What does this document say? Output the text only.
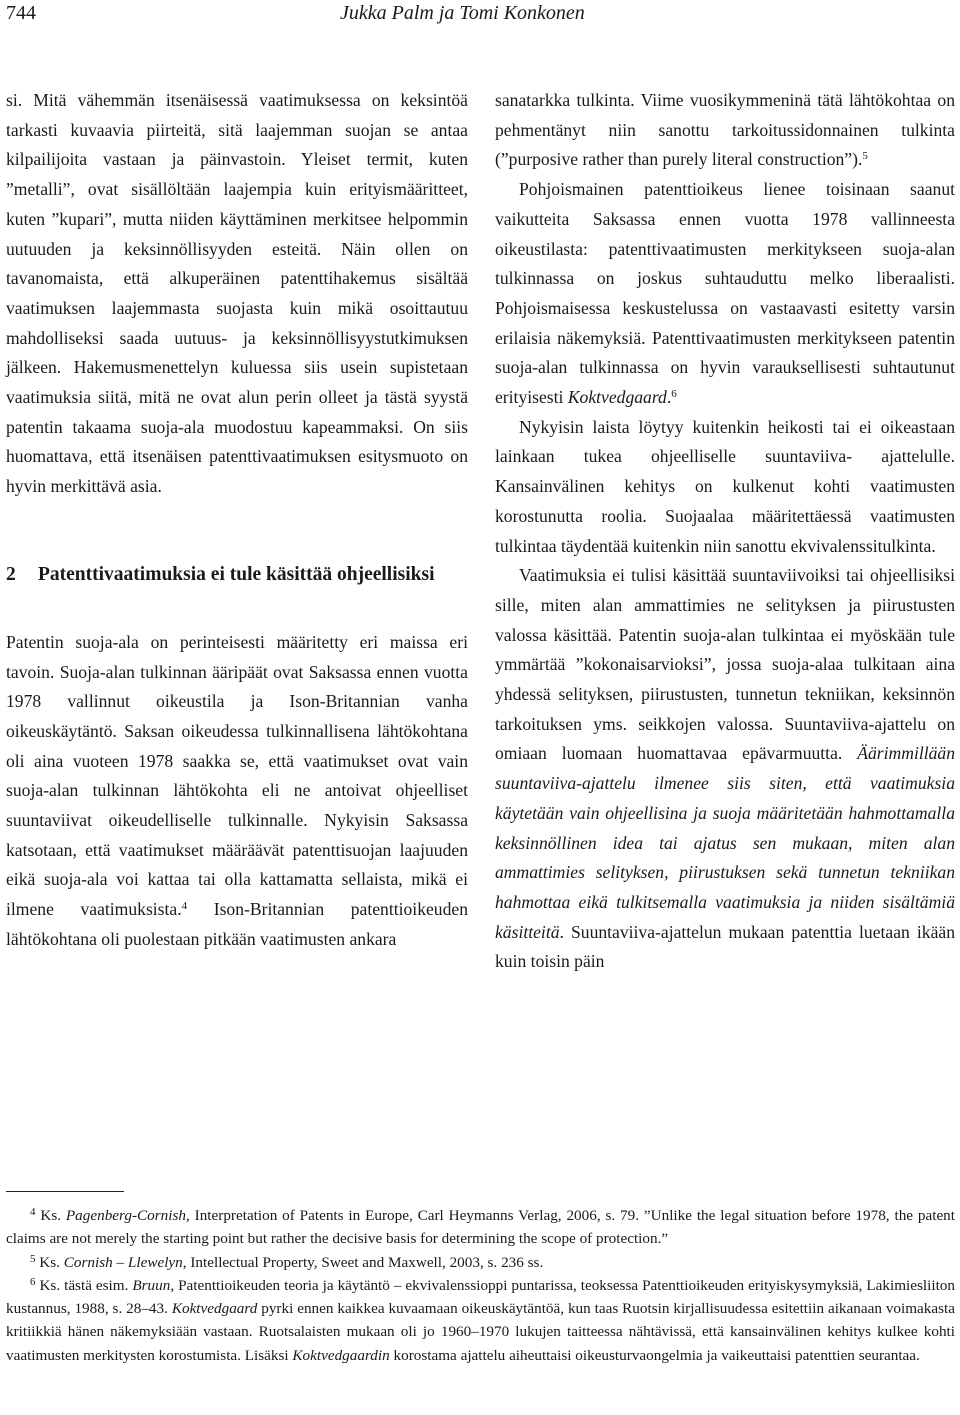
744	Jukka Palm ja Tomi Konkonen

si. Mitä vähemmän itsenäisessä vaatimuksessa on keksintöä tarkasti kuvaavia piirteitä, sitä laajemman suojan se antaa kilpailijoita vastaan ja päinvastoin. Yleiset termit, kuten ”metalli”, ovat sisällöltään laajempia kuin erityismääritteet, kuten ”kupari”, mutta niiden käyttäminen merkitsee helpommin uutuuden ja keksinnöllisyyden esteitä. Näin ollen on tavanomaista, että alkuperäinen patenttihakemus sisältää vaatimuksen laajemmasta suojasta kuin mikä osoittautuu mahdolliseksi saada uutuus- ja keksinnöllisyystutkimuksen jälkeen. Hakemusmenettelyn kuluessa siis usein supistetaan vaatimuksia siitä, mitä ne ovat alun perin olleet ja tästä syystä patentin takaama suoja-ala muodostuu kapeammaksi. On siis huomattava, että itsenäisen patenttivaatimuksen esitysmuoto on hyvin merkittävä asia.

2	Patenttivaatimuksia ei tule käsittää ohjeellisiksi

Patentin suoja-ala on perinteisesti määritetty eri maissa eri tavoin. Suoja-alan tulkinnan ääripäät ovat Saksassa ennen vuotta 1978 vallinnut oikeustila ja Ison-Britannian vanha oikeuskäytäntö. Saksan oikeudessa tulkinnallisena lähtökohtana oli aina vuoteen 1978 saakka se, että vaatimukset ovat vain suoja-alan tulkinnan lähtökohta eli ne antoivat ohjeelliset suuntaviivat oikeudelliselle tulkinnalle. Nykyisin Saksassa katsotaan, että vaatimukset määräävät patenttisuojan laajuuden eikä suoja-ala voi kattaa tai olla kattamatta sellaista, mikä ei ilmene vaatimuksista.$^4$ Ison-Britannian patenttioikeuden lähtökohtana oli puolestaan pitkään vaatimusten ankara

sanatarkka tulkinta. Viime vuosikymmeninä tätä lähtökohtaa on pehmentänyt niin sanottu tarkoitussidonnainen tulkinta (”purposive rather than purely literal construction”).$^5$

Pohjoismainen patenttioikeus lienee toisinaan saanut vaikutteita Saksassa ennen vuotta 1978 vallinneesta oikeustilasta: patenttivaatimusten merkitykseen suoja-alan tulkinnassa on joskus suhtauduttu melko liberaalisti. Pohjoismaisessa keskustelussa on vastaavasti esitetty varsin erilaisia näkemyksiä. Patenttivaatimusten merkitykseen patentin suoja-alan tulkinnassa on hyvin varauksellisesti suhtautunut erityisesti Koktvedgaard.$^6$

Nykyisin laista löytyy kuitenkin heikosti tai ei oikeastaan lainkaan tukea ohjeelliselle suuntaviiva- ajattelulle. Kansainvälinen kehitys on kulkenut kohti vaatimusten korostunutta roolia. Suojaalaa määritettäessä vaatimusten tulkintaa täydentää kuitenkin niin sanottu ekvivalenssitulkinta.

Vaatimuksia ei tulisi käsittää suuntaviivoiksi tai ohjeellisiksi sille, miten alan ammattimies ne selityksen ja piirustusten valossa käsittää. Patentin suoja-alan tulkintaa ei myöskään tule ymmärtää ”kokonaisarvioksi”, jossa suoja-alaa tulkitaan aina yhdessä selityksen, piirustusten, tunnetun tekniikan, keksinnön tarkoituksen yms. seikkojen valossa. Suuntaviiva-ajattelu on omiaan luomaan huomattavaa epävarmuutta. Äärimmillään suuntaviiva-ajattelu ilmenee siis siten, että vaatimuksia käytetään vain ohjeellisina ja suoja määritetään hahmottamalla keksinnöllinen idea tai ajatus sen mukaan, miten alan ammattimies selityksen, piirustuksen sekä tunnetun tekniikan hahmottaa eikä tulkitsemalla vaatimuksia ja niiden sisältämiä käsitteitä. Suuntaviiva-ajattelun mukaan patenttia luetaan ikään kuin toisin päin

$^4$ Ks. Pagenberg-Cornish, Interpretation of Patents in Europe, Carl Heymanns Verlag, 2006, s. 79. ”Unlike the legal situation before 1978, the patent claims are not merely the starting point but rather the decisive basis for determining the scope of protection.”

$^5$ Ks. Cornish – Llewelyn, Intellectual Property, Sweet and Maxwell, 2003, s. 236 ss.

$^6$ Ks. tästä esim. Bruun, Patenttioikeuden teoria ja käytäntö – ekvivalenssioppi puntarissa, teoksessa Patenttioikeuden erityiskysymyksiä, Lakimiesliiton kustannus, 1988, s. 28–43. Koktvedgaard pyrki ennen kaikkea kuvaamaan oikeuskäytäntöä, kun taas Ruotsin kirjallisuudessa esitettiin aikanaan voimakasta kritiikkiä hänen näkemyksiään vastaan. Ruotsalaisten mukaan oli jo 1960–1970 lukujen taitteessa nähtävissä, että kansainvälinen kehitys kulkee kohti vaatimusten merkitysten korostumista. Lisäksi Koktvedgaardin korostama ajattelu aiheuttaisi oikeusturvaongelmia ja vaikeuttaisi patenttien seurantaa.
